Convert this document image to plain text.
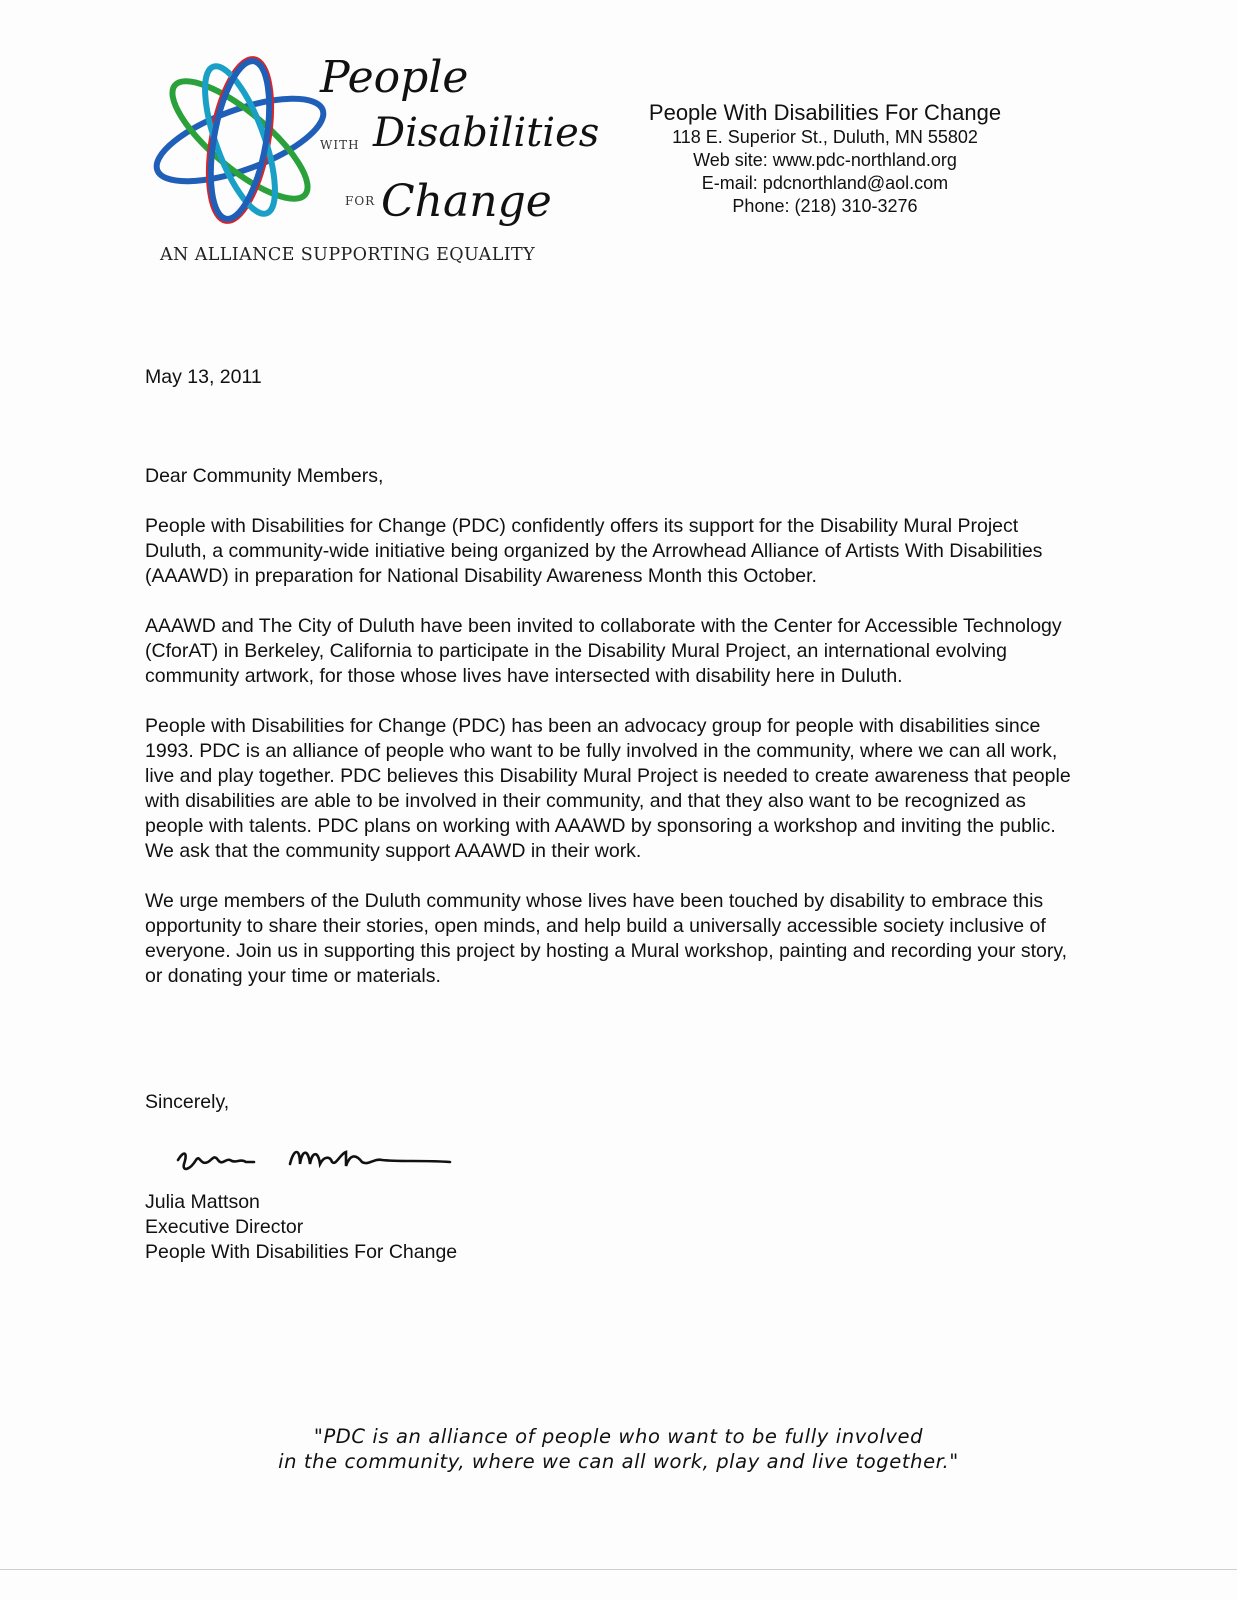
People
WITH Disabilities
FOR Change
AN ALLIANCE SUPPORTING EQUALITY
People With Disabilities For Change
118 E. Superior St., Duluth, MN 55802
Web site: www.pdc-northland.org
E-mail: pdcnorthland@aol.com
Phone: (218) 310-3276
May 13, 2011
Dear Community Members,

People with Disabilities for Change (PDC) confidently offers its support for the Disability Mural Project Duluth, a community-wide initiative being organized by the Arrowhead Alliance of Artists With Disabilities (AAAWD) in preparation for National Disability Awareness Month this October.

AAAWD and The City of Duluth have been invited to collaborate with the Center for Accessible Technology (CforAT) in Berkeley, California to participate in the Disability Mural Project, an international evolving community artwork, for those whose lives have intersected with disability here in Duluth.

People with Disabilities for Change (PDC) has been an advocacy group for people with disabilities since 1993. PDC is an alliance of people who want to be fully involved in the community, where we can all work, live and play together. PDC believes this Disability Mural Project is needed to create awareness that people with disabilities are able to be involved in their community, and that they also want to be recognized as people with talents. PDC plans on working with AAAWD by sponsoring a workshop and inviting the public. We ask that the community support AAAWD in their work.

We urge members of the Duluth community whose lives have been touched by disability to embrace this opportunity to share their stories, open minds, and help build a universally accessible society inclusive of everyone. Join us in supporting this project by hosting a Mural workshop, painting and recording your story, or donating your time or materials.

Sincerely,
Julia Mattson
Executive Director
People With Disabilities For Change
"PDC is an alliance of people who want to be fully involved
in the community, where we can all work, play and live together."
